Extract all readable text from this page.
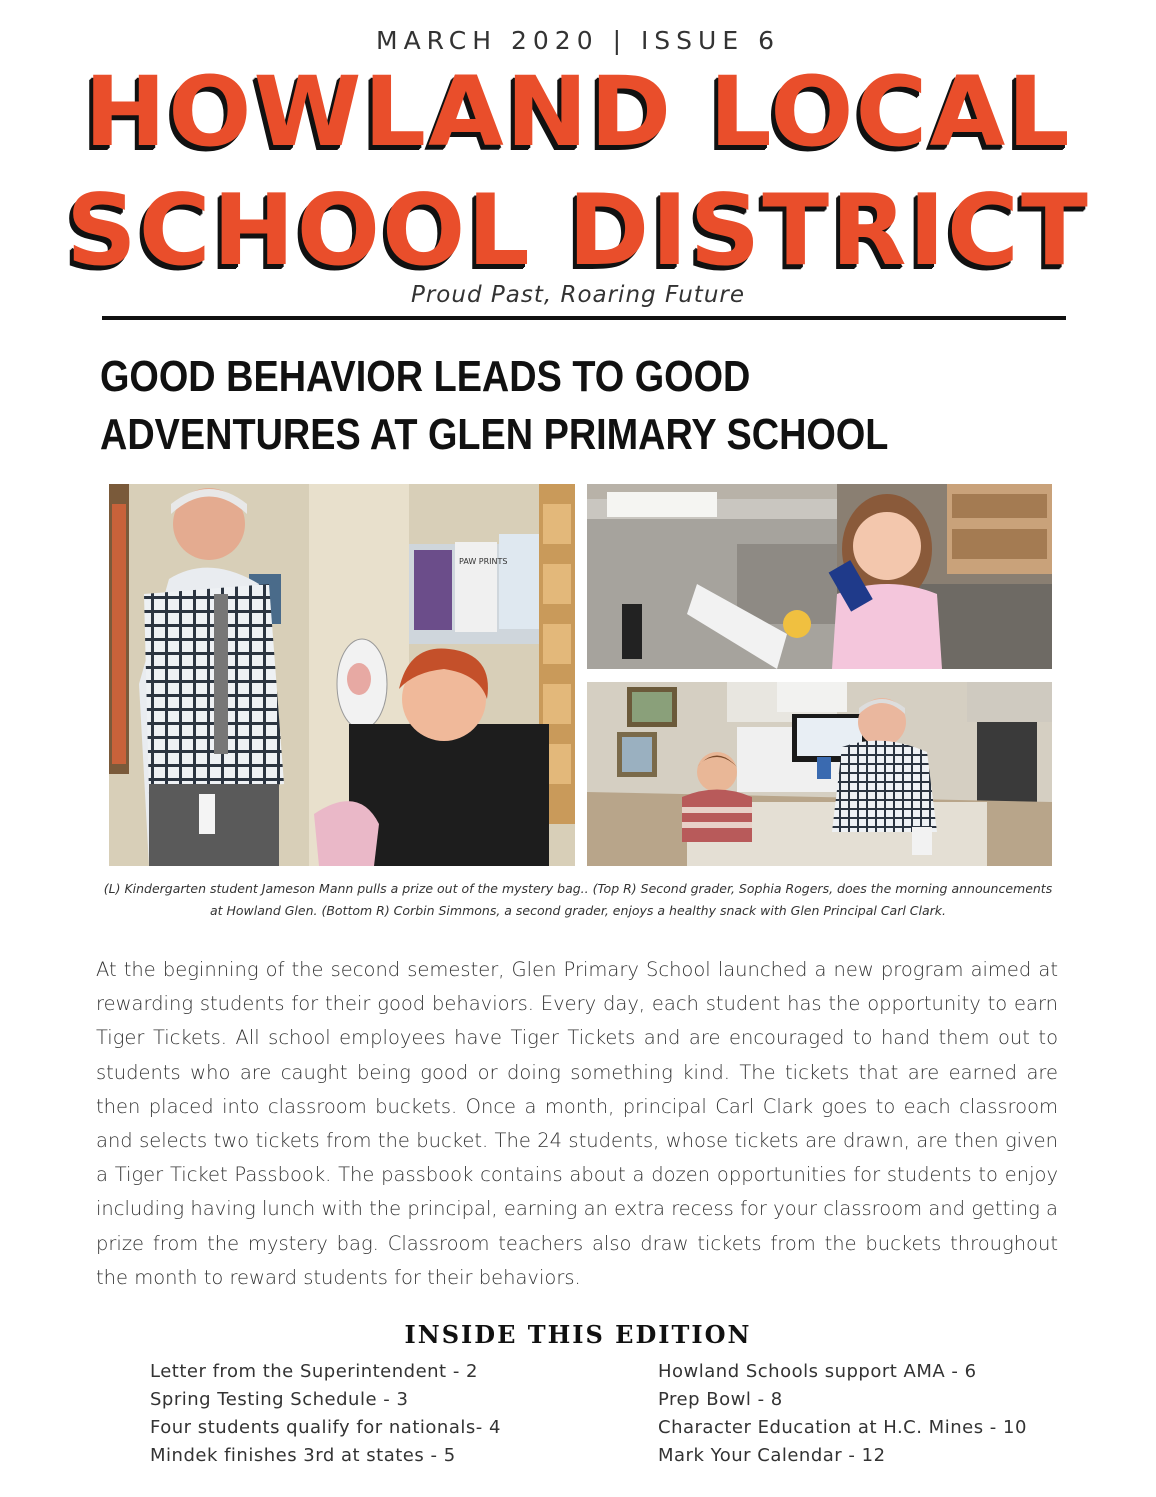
MARCH 2020 | ISSUE 6
HOWLAND LOCAL
SCHOOL DISTRICT
Proud Past, Roaring Future
GOOD BEHAVIOR LEADS TO GOOD ADVENTURES AT GLEN PRIMARY SCHOOL
PAW PRINTS
(L) Kindergarten student Jameson Mann pulls a prize out of the mystery bag.. (Top R) Second grader, Sophia Rogers, does the morning announcements at Howland Glen. (Bottom R) Corbin Simmons, a second grader, enjoys a healthy snack with Glen Principal Carl Clark.

At the beginning of the second semester, Glen Primary School launched a new program aimed at rewarding students for their good behaviors. Every day, each student has the opportunity to earn Tiger Tickets. All school employees have Tiger Tickets and are encouraged to hand them out to students who are caught being good or doing something kind. The tickets that are earned are then placed into classroom buckets. Once a month, principal Carl Clark goes to each classroom and selects two tickets from the bucket. The 24 students, whose tickets are drawn, are then given a Tiger Ticket Passbook. The passbook contains about a dozen opportunities for students to enjoy including having lunch with the principal, earning an extra recess for your classroom and getting a prize from the mystery bag. Classroom teachers also draw tickets from the buckets throughout the month to reward students for their behaviors.

INSIDE THIS EDITION
Letter from the Superintendent - 2
Spring Testing Schedule - 3
Four students qualify for nationals- 4
Mindek finishes 3rd at states - 5
Howland Schools support AMA - 6
Prep Bowl - 8
Character Education at H.C. Mines - 10
Mark Your Calendar - 12
